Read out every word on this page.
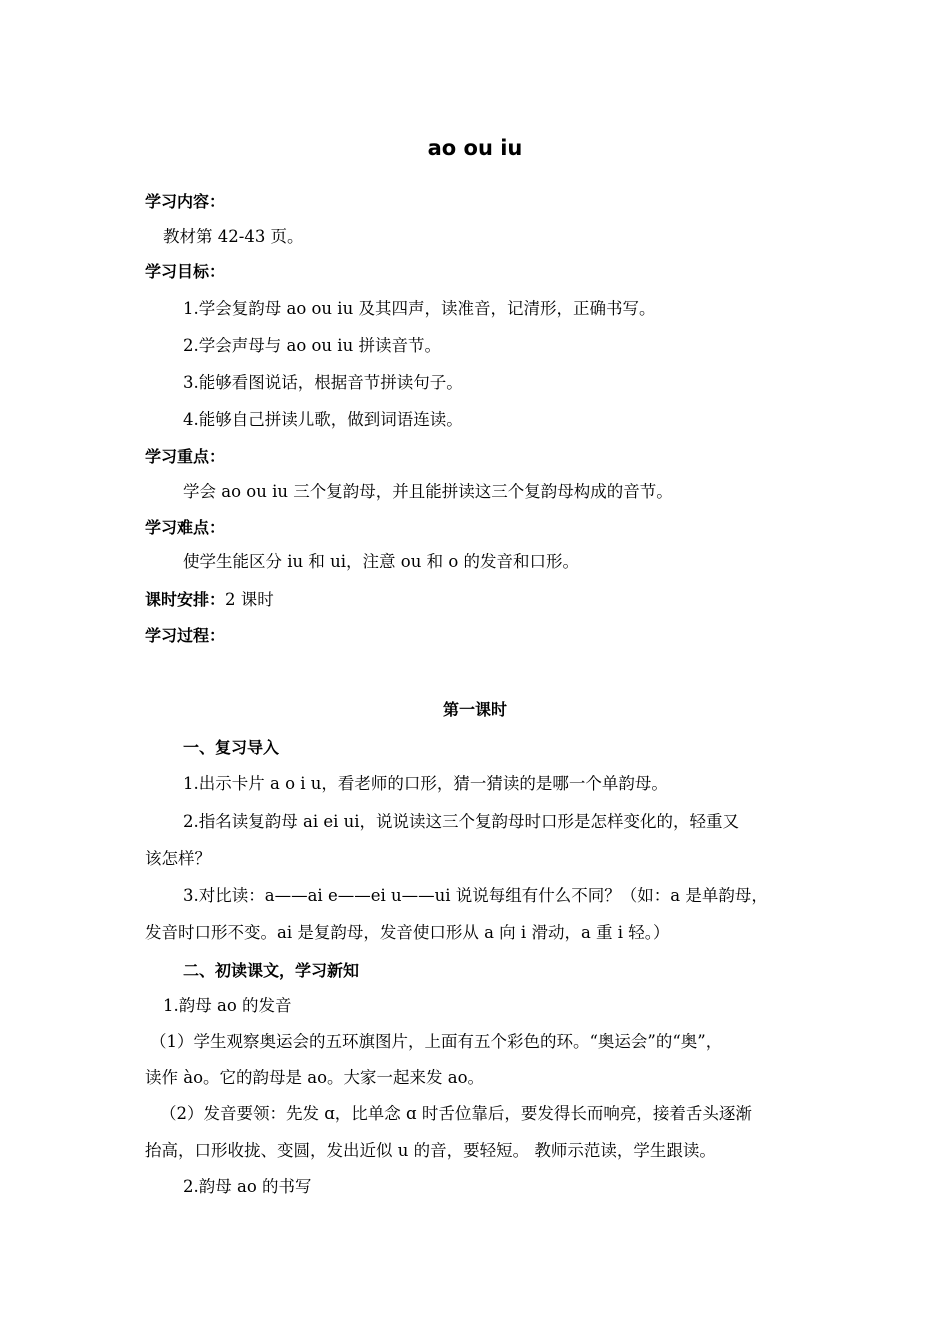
ao ou iu
学习内容：
教材第 42-43 页。
学习目标：
1.学会复韵母 ao ou iu 及其四声，读准音，记清形，正确书写。
2.学会声母与 ao ou iu 拼读音节。
3.能够看图说话，根据音节拼读句子。
4.能够自己拼读儿歌，做到词语连读。
学习重点：
学会 ao ou iu 三个复韵母，并且能拼读这三个复韵母构成的音节。
学习难点：
使学生能区分 iu 和 ui，注意 ou 和 o 的发音和口形。
课时安排：2 课时
学习过程：
第一课时
一、复习导入
1.出示卡片 a o i u，看老师的口形，猜一猜读的是哪一个单韵母。
2.指名读复韵母 ai ei ui，说说读这三个复韵母时口形是怎样变化的，轻重又
该怎样？
3.对比读：a——ai e——ei u——ui 说说每组有什么不同？（如：a 是单韵母，
发音时口形不变。ai 是复韵母，发音使口形从 a 向 i 滑动，a 重 i 轻。）
二、初读课文，学习新知
1.韵母 ao 的发音
（1）学生观察奥运会的五环旗图片，上面有五个彩色的环。“奥运会”的“奥”，
读作 ào。它的韵母是 ao。大家一起来发 ao。
（2）发音要领：先发 ɑ，比单念 ɑ 时舌位靠后，要发得长而响亮，接着舌头逐渐
抬高，口形收拢、变圆，发出近似 u 的音，要轻短。 教师示范读，学生跟读。
2.韵母 ao 的书写
